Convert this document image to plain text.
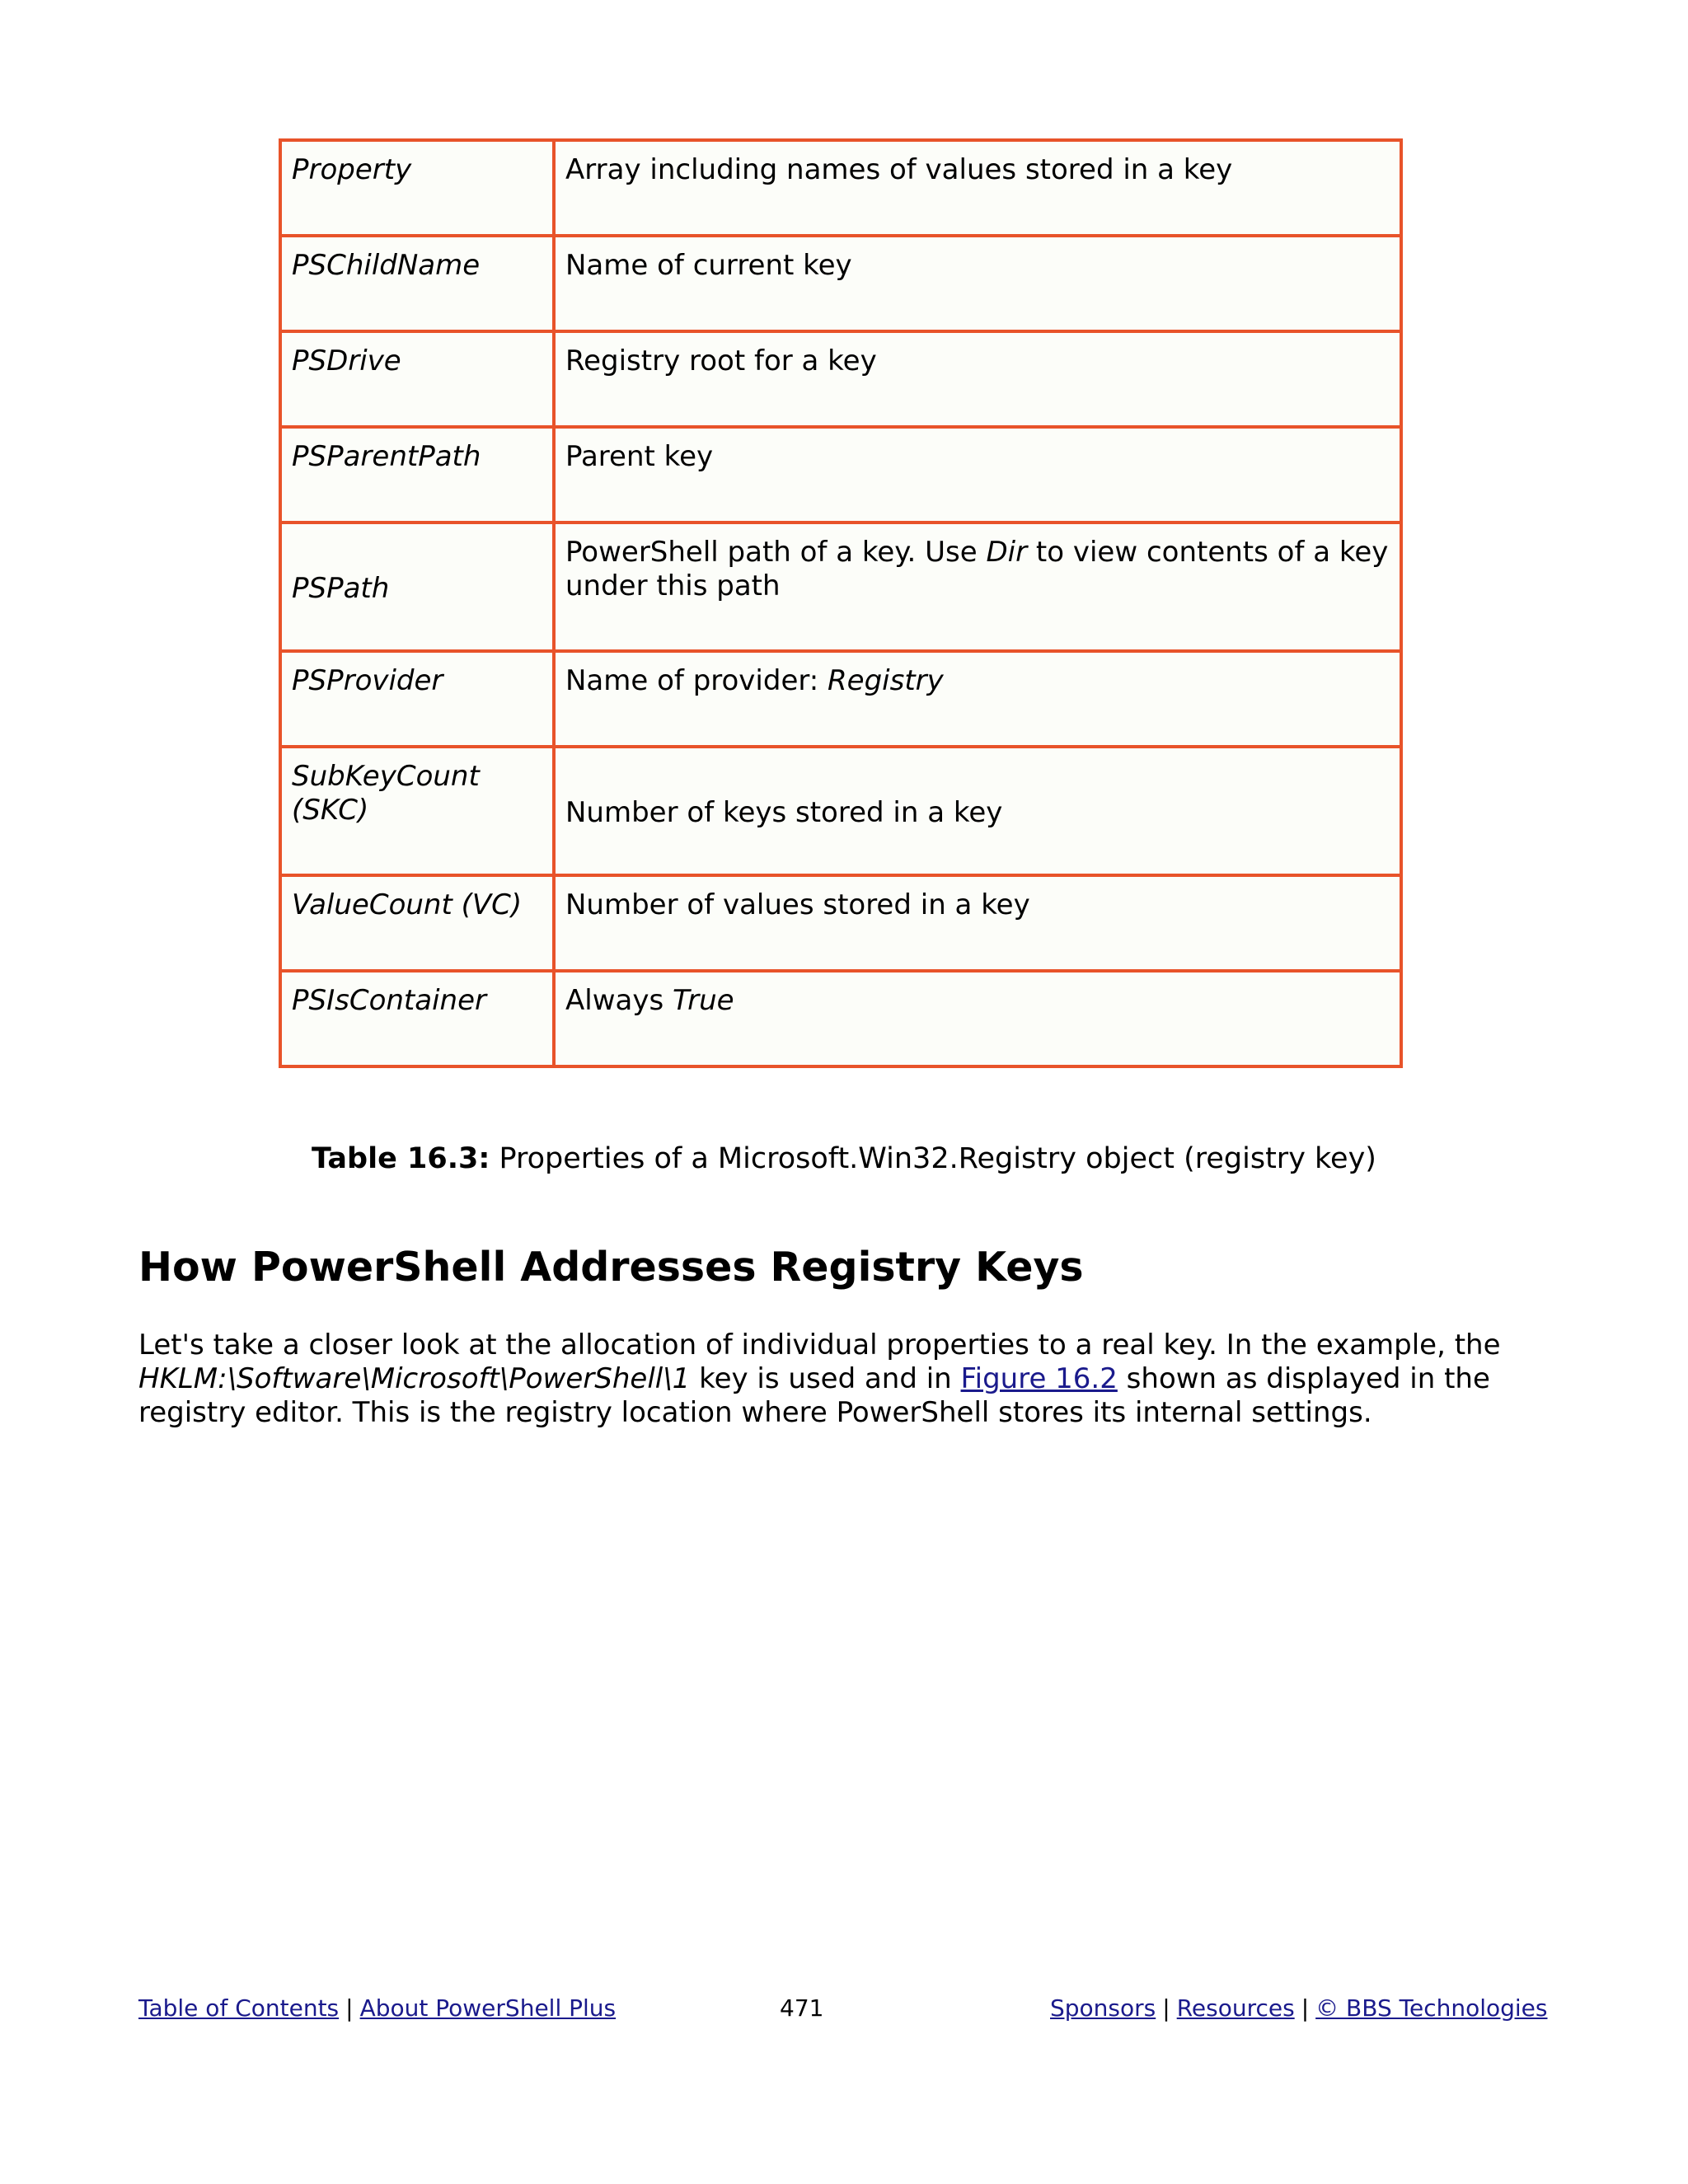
Property	Array including names of values stored in a key
PSChildName	Name of current key
PSDrive	Registry root for a key
PSParentPath	Parent key
PSPath	PowerShell path of a key. Use Dir to view contents of a key under this path
PSProvider	Name of provider: Registry
SubKeyCount (SKC)	Number of keys stored in a key
ValueCount (VC)	Number of values stored in a key
PSIsContainer	Always True
Table 16.3: Properties of a Microsoft.Win32.Registry object (registry key)
How PowerShell Addresses Registry Keys

Let's take a closer look at the allocation of individual properties to a real key. In the example, the HKLM:\Software\Microsoft\PowerShell\1 key is used and in Figure 16.2 shown as displayed in the registry editor. This is the registry location where PowerShell stores its internal settings.

Table of Contents | About PowerShell Plus	471	Sponsors | Resources | © BBS Technologies
